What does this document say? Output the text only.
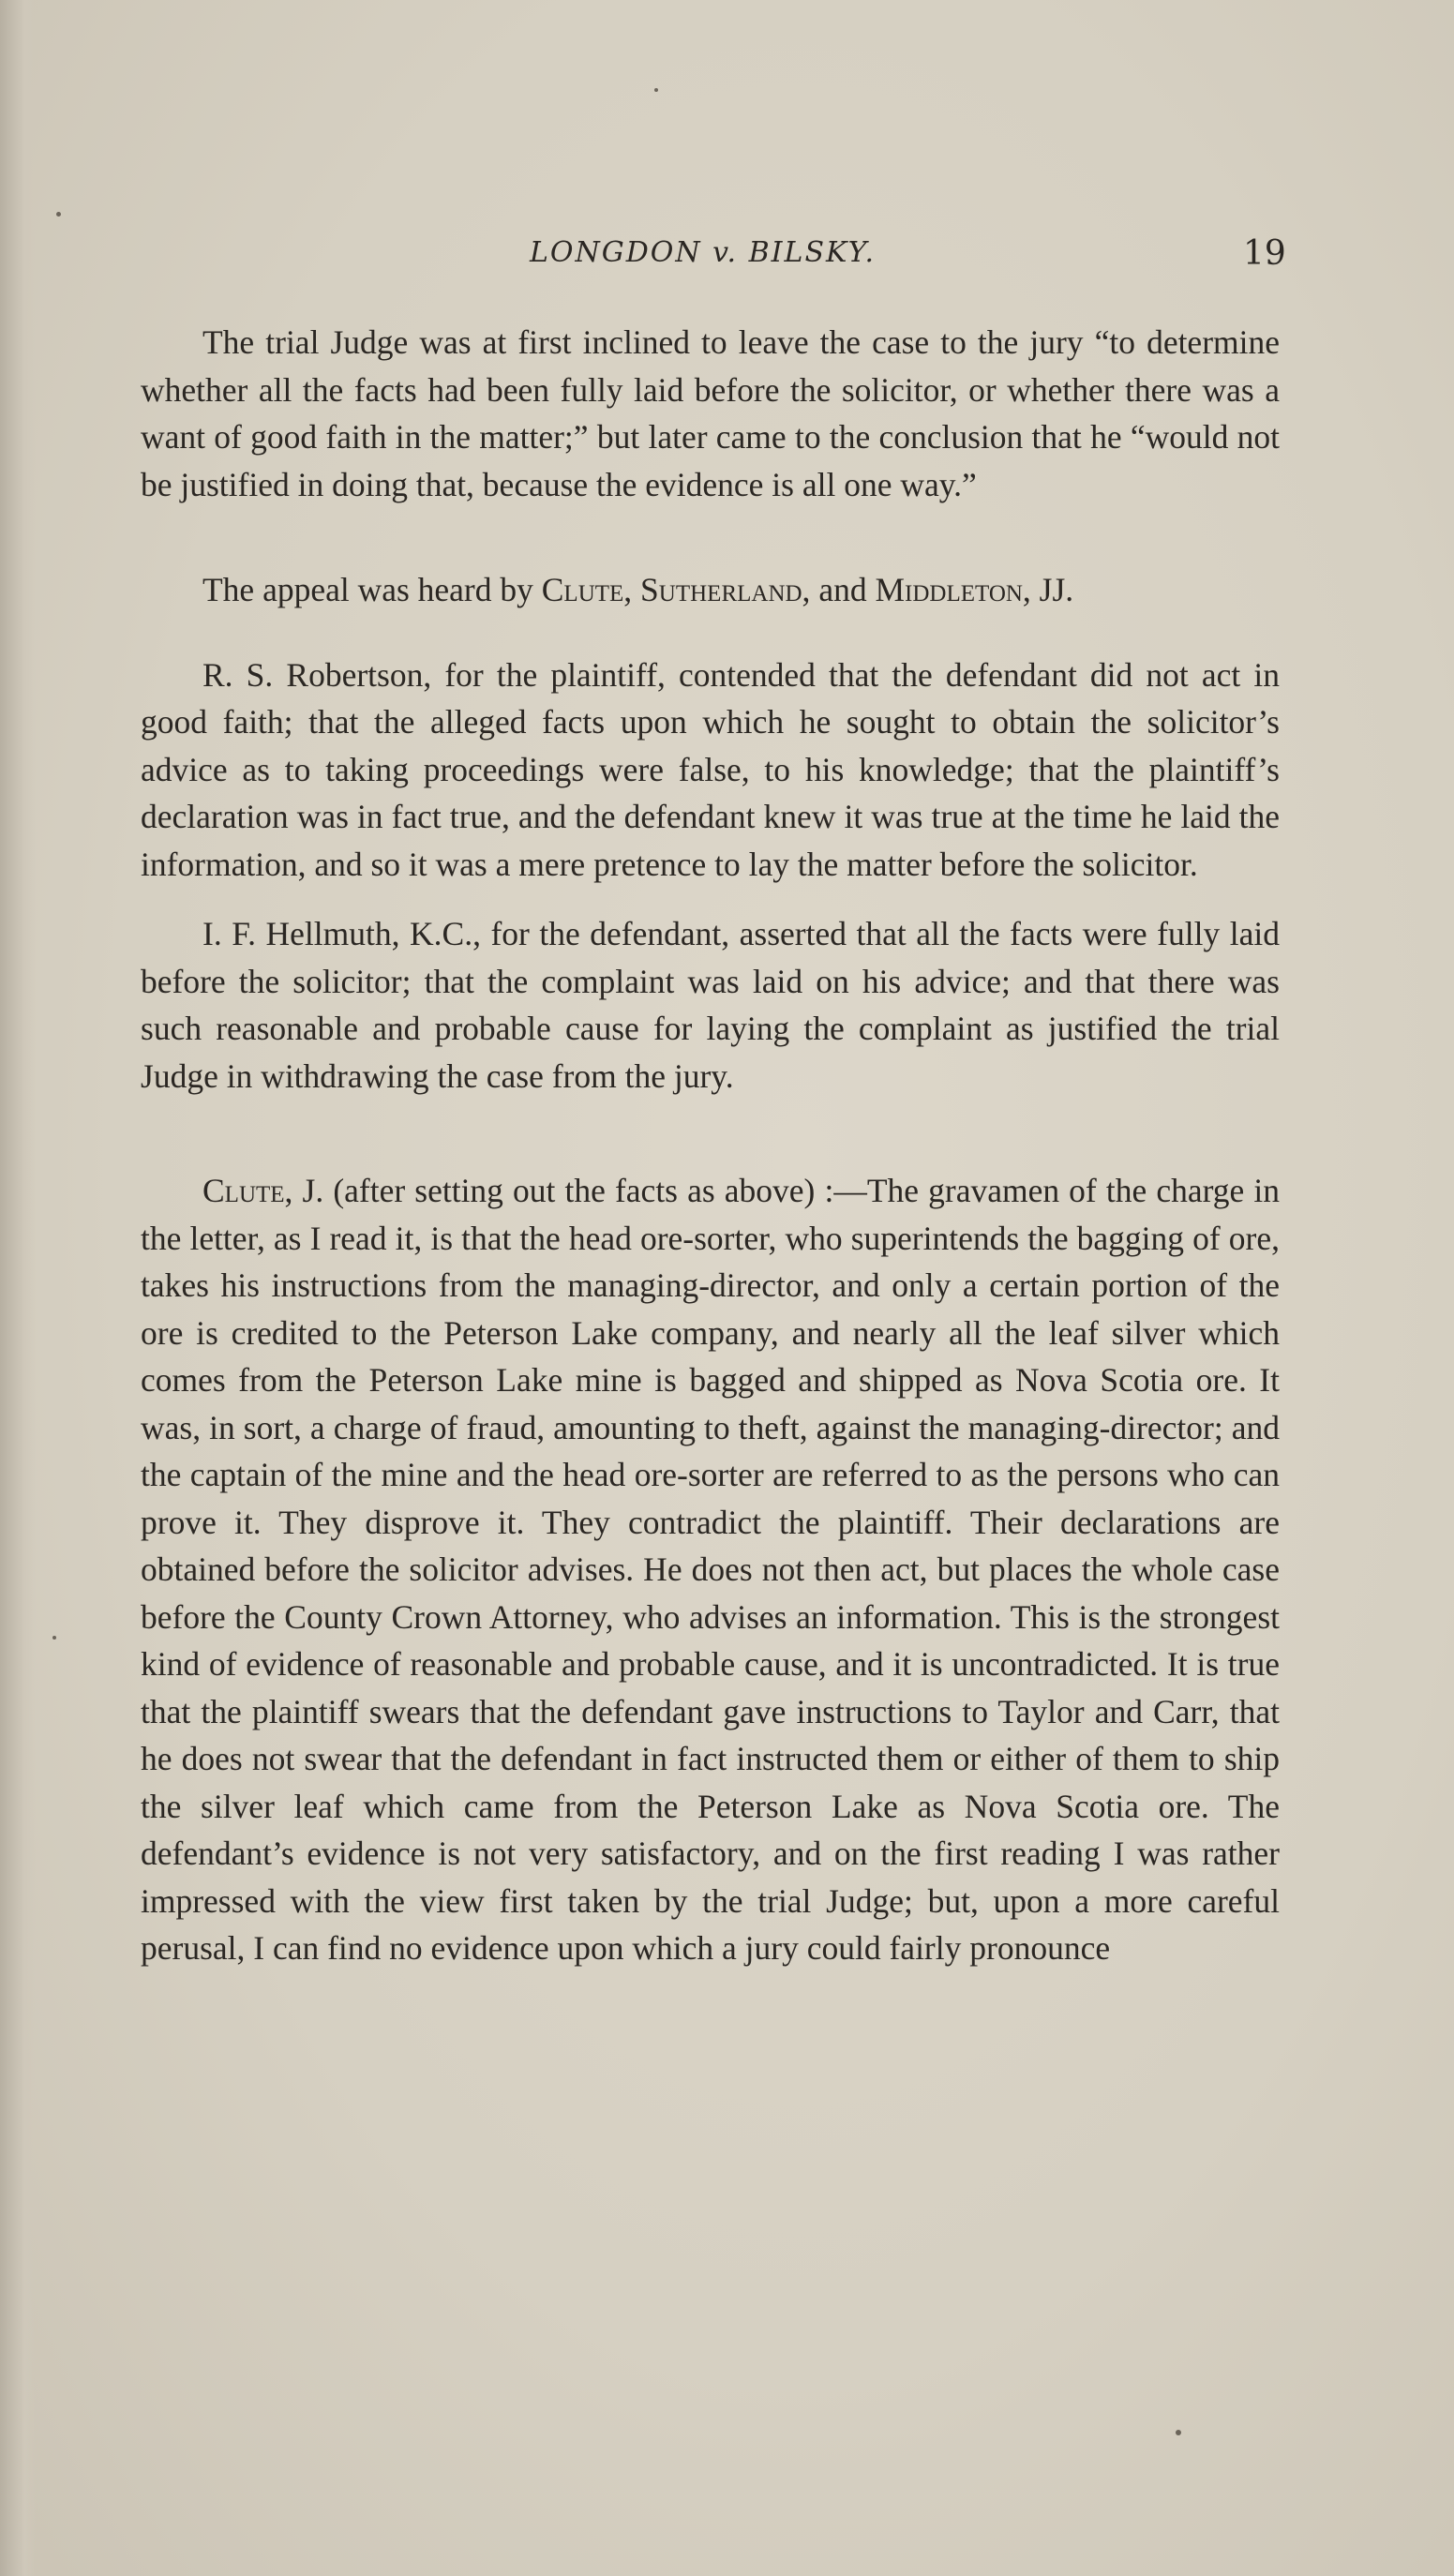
LONGDON v. BILSKY.	19

The trial Judge was at first inclined to leave the case to the jury “to determine whether all the facts had been fully laid before the solicitor, or whether there was a want of good faith in the matter;” but later came to the conclusion that he “would not be justified in doing that, because the evidence is all one way.”

The appeal was heard by Clute, Sutherland, and Middleton, JJ.

R. S. Robertson, for the plaintiff, contended that the defendant did not act in good faith; that the alleged facts upon which he sought to obtain the solicitor’s advice as to taking proceedings were false, to his knowledge; that the plaintiff’s declaration was in fact true, and the defendant knew it was true at the time he laid the information, and so it was a mere pretence to lay the matter before the solicitor.

I. F. Hellmuth, K.C., for the defendant, asserted that all the facts were fully laid before the solicitor; that the complaint was laid on his advice; and that there was such reasonable and probable cause for laying the complaint as justified the trial Judge in withdrawing the case from the jury.

Clute, J. (after setting out the facts as above) :—The gravamen of the charge in the letter, as I read it, is that the head ore-sorter, who superintends the bagging of ore, takes his instructions from the managing-director, and only a certain portion of the ore is credited to the Peterson Lake company, and nearly all the leaf silver which comes from the Peterson Lake mine is bagged and shipped as Nova Scotia ore. It was, in sort, a charge of fraud, amounting to theft, against the managing-director; and the captain of the mine and the head ore-sorter are referred to as the persons who can prove it. They disprove it. They contradict the plaintiff. Their declarations are obtained before the solicitor advises. He does not then act, but places the whole case before the County Crown Attorney, who advises an information. This is the strongest kind of evidence of reasonable and probable cause, and it is uncontradicted. It is true that the plaintiff swears that the defendant gave instructions to Taylor and Carr, that he does not swear that the defendant in fact instructed them or either of them to ship the silver leaf which came from the Peterson Lake as Nova Scotia ore. The defendant’s evidence is not very satisfactory, and on the first reading I was rather impressed with the view first taken by the trial Judge; but, upon a more careful perusal, I can find no evidence upon which a jury could fairly pronounce
